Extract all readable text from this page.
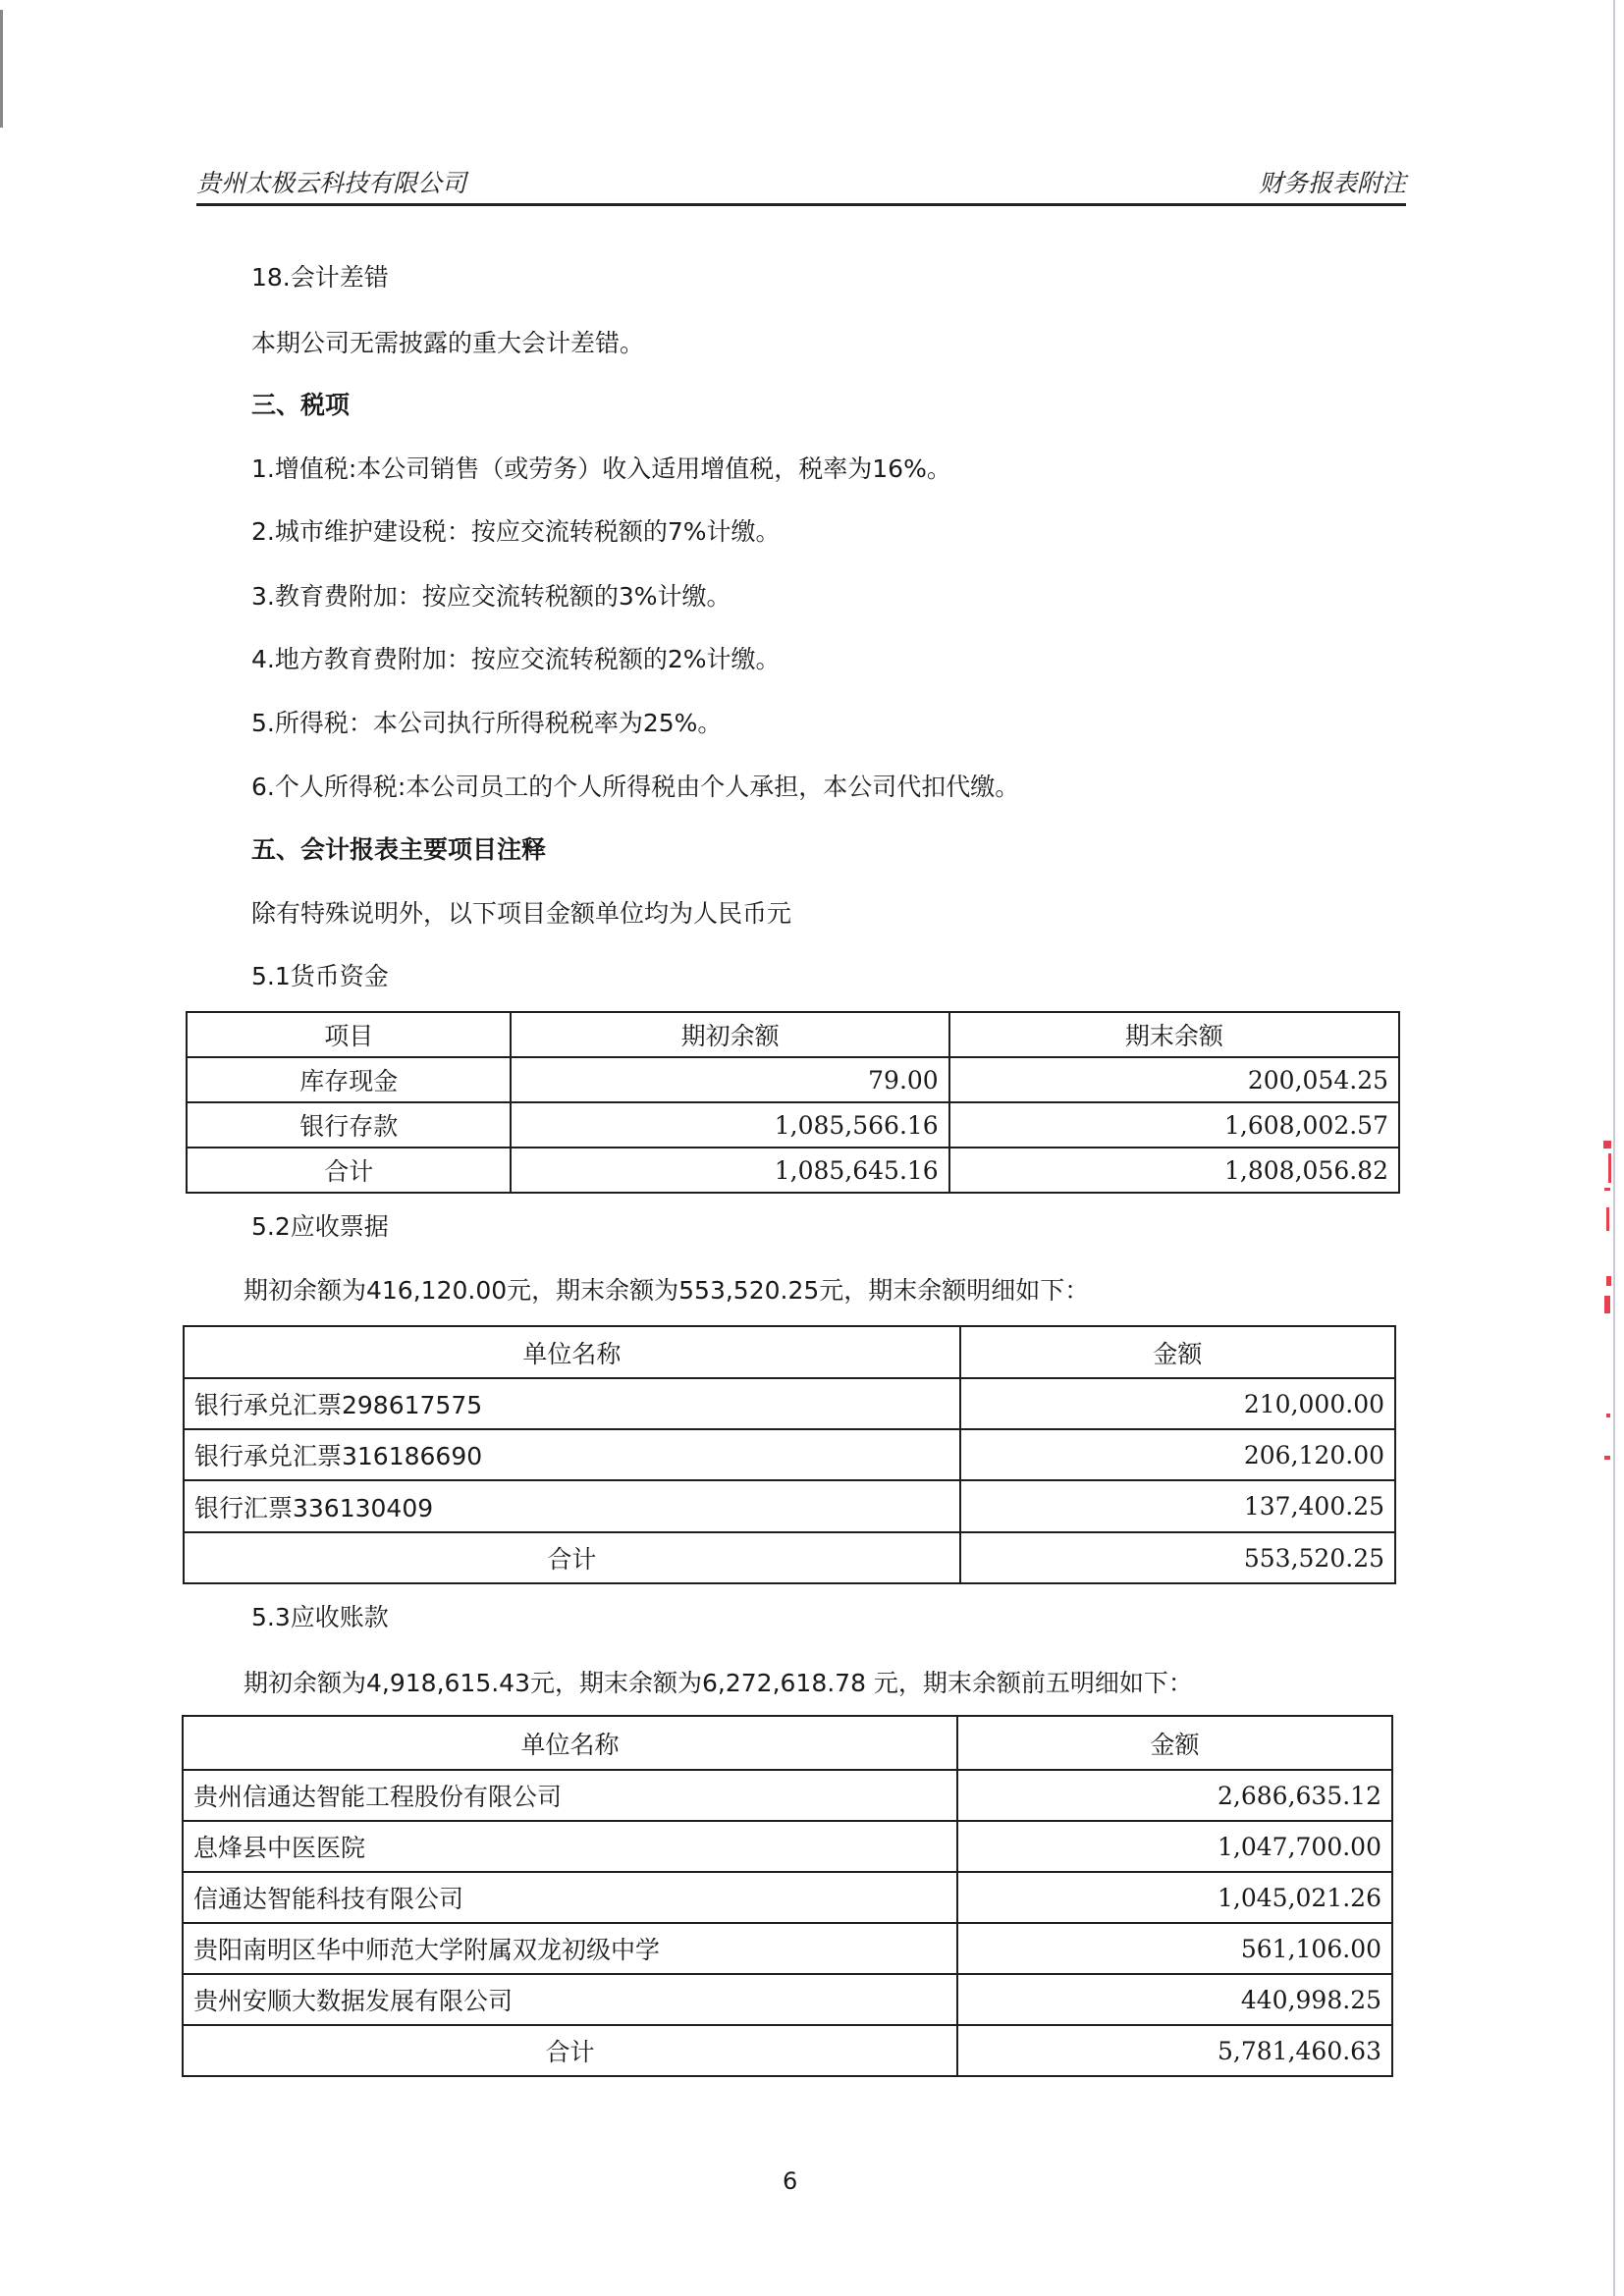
贵州太极云科技有限公司	财务报表附注
18.会计差错
本期公司无需披露的重大会计差错。
三、税项
1.增值税:本公司销售（或劳务）收入适用增值税，税率为16%。
2.城市维护建设税：按应交流转税额的7%计缴。
3.教育费附加：按应交流转税额的3%计缴。
4.地方教育费附加：按应交流转税额的2%计缴。
5.所得税：本公司执行所得税税率为25%。
6.个人所得税:本公司员工的个人所得税由个人承担，本公司代扣代缴。
五、会计报表主要项目注释
除有特殊说明外，以下项目金额单位均为人民币元
5.1货币资金
项目	期初余额	期末余额
库存现金	79.00	200,054.25
银行存款	1,085,566.16	1,608,002.57
合计	1,085,645.16	1,808,056.82
5.2应收票据
期初余额为416,120.00元，期末余额为553,520.25元，期末余额明细如下：
单位名称	金额
银行承兑汇票298617575	210,000.00
银行承兑汇票316186690	206,120.00
银行汇票336130409	137,400.25
合计	553,520.25
5.3应收账款
期初余额为4,918,615.43元，期末余额为6,272,618.78 元，期末余额前五明细如下：
单位名称	金额
贵州信通达智能工程股份有限公司	2,686,635.12
息烽县中医医院	1,047,700.00
信通达智能科技有限公司	1,045,021.26
贵阳南明区华中师范大学附属双龙初级中学	561,106.00
贵州安顺大数据发展有限公司	440,998.25
合计	5,781,460.63
6
